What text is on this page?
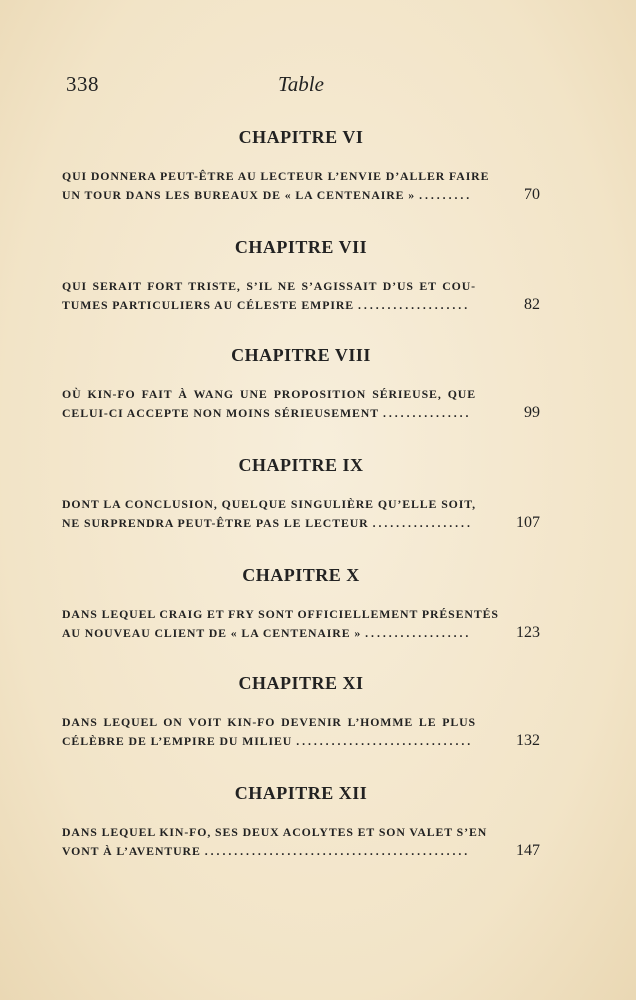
338	Table
CHAPITRE VI

QUI DONNERA PEUT-ÊTRE AU LECTEUR L’ENVIE D’ALLER FAIRE

UN TOUR DANS LES BUREAUX DE « LA CENTENAIRE » . . .	70
CHAPITRE VII

QUI SERAIT FORT TRISTE, S’IL NE S’AGISSAIT D’US ET COU-

TUMES PARTICULIERS AU CÉLESTE EMPIRE . . .	82
CHAPITRE VIII

OÙ KIN-FO FAIT À WANG UNE PROPOSITION SÉRIEUSE, QUE

CELUI-CI ACCEPTE NON MOINS SÉRIEUSEMENT . . .	99
CHAPITRE IX

DONT LA CONCLUSION, QUELQUE SINGULIÈRE QU’ELLE SOIT,

NE SURPRENDRA PEUT-ÊTRE PAS LE LECTEUR . . .	107
CHAPITRE X

DANS LEQUEL CRAIG ET FRY SONT OFFICIELLEMENT PRÉSENTÉS

AU NOUVEAU CLIENT DE « LA CENTENAIRE » . . .	123
CHAPITRE XI

DANS LEQUEL ON VOIT KIN-FO DEVENIR L’HOMME LE PLUS

CÉLÈBRE DE L’EMPIRE DU MILIEU . . .	132
CHAPITRE XII

DANS LEQUEL KIN-FO, SES DEUX ACOLYTES ET SON VALET S’EN

VONT À L’AVENTURE . . .	147
